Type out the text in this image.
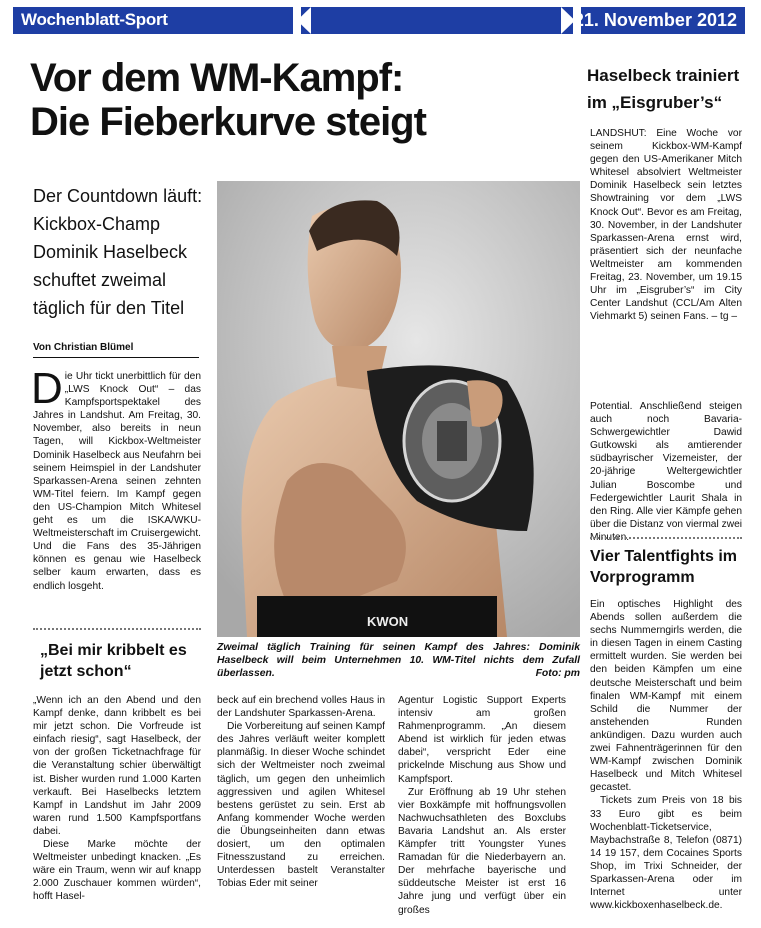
Wochenblatt-Sport	21. November 2012
Vor dem WM-Kampf:
Die Fieberkurve steigt
Der Countdown läuft: Kickbox-Champ Dominik Haselbeck schuftet zweimal täglich für den Titel
Von Christian Blümel

Die Uhr tickt unerbittlich für den „LWS Knock Out“ – das Kampfsportspektakel des Jahres in Landshut. Am Freitag, 30. November, also bereits in neun Tagen, will Kickbox-Weltmeister Dominik Haselbeck aus Neufahrn bei seinem Heimspiel in der Landshuter Sparkassen-Arena seinen zehnten WM-Titel feiern. Im Kampf gegen den US-Champion Mitch Whitesel geht es um die ISKA/WKU-Weltmeisterschaft im Cruisergewicht. Und die Fans des 35-Jährigen können es genau wie Haselbeck selber kaum erwarten, dass es endlich losgeht.

„Bei mir kribbelt es jetzt schon“

„Wenn ich an den Abend und den Kampf denke, dann kribbelt es bei mir jetzt schon. Die Vorfreude ist einfach riesig“, sagt Haselbeck, der von der großen Ticketnachfrage für die Veranstaltung schier überwältigt ist. Bisher wurden rund 1.000 Karten verkauft. Bei Haselbecks letztem Kampf in Landshut im Jahr 2009 waren rund 1.500 Kampfsportfans dabei.

Diese Marke möchte der Weltmeister unbedingt knacken. „Es wäre ein Traum, wenn wir auf knapp 2.000 Zuschauer kommen würden“, hofft Hasel-

KWON
Zweimal täglich Training für seinen Kampf des Jahres: Dominik Haselbeck will beim Unternehmen 10. WM-Titel nichts dem Zufall überlassen.	Foto: pm

beck auf ein brechend volles Haus in der Landshuter Sparkassen-Arena.

Die Vorbereitung auf seinen Kampf des Jahres verläuft weiter komplett planmäßig. In dieser Woche schindet sich der Weltmeister noch zweimal täglich, um gegen den unheimlich aggressiven und agilen Whitesel bestens gerüstet zu sein. Erst ab Anfang kommender Woche werden die Übungseinheiten dann etwas dosiert, um den optimalen Fitnesszustand zu erreichen. Unterdessen bastelt Veranstalter Tobias Eder mit seiner

Agentur Logistic Support Experts intensiv am großen Rahmenprogramm. „An diesem Abend ist wirklich für jeden etwas dabei“, verspricht Eder eine prickelnde Mischung aus Show und Kampfsport.

Zur Eröffnung ab 19 Uhr stehen vier Boxkämpfe mit hoffnungsvollen Nachwuchsathleten des Boxclubs Bavaria Landshut an. Als erster Kämpfer tritt Youngster Yunes Ramadan für die Niederbayern an. Der mehrfache bayerische und süddeutsche Meister ist erst 16 Jahre jung und verfügt über ein großes

Haselbeck trainiert
im „Eisgruber’s“
LANDSHUT: Eine Woche vor seinem Kickbox-WM-Kampf gegen den US-Amerikaner Mitch Whitesel absolviert Weltmeister Dominik Haselbeck sein letztes Showtraining vor dem „LWS Knock Out“. Bevor es am Freitag, 30. November, in der Landshuter Sparkassen-Arena ernst wird, präsentiert sich der neunfache Weltmeister am kommenden Freitag, 23. November, um 19.15 Uhr im „Eisgruber’s“ im City Center Landshut (CCL/Am Alten Viehmarkt 5) seinen Fans. – tg –

Potential. Anschließend steigen auch noch Bavaria-Schwergewichtler Dawid Gutkowski als amtierender südbayrischer Vizemeister, der 20-jährige Weltergewichtler Julian Boscombe und Federgewichtler Laurit Shala in den Ring. Alle vier Kämpfe gehen über die Distanz von viermal zwei Minuten.

Vier Talentfights im Vorprogramm

Ein optisches Highlight des Abends sollen außerdem die sechs Nummerngirls werden, die in diesen Tagen in einem Casting ermittelt wurden. Sie werden bei den beiden Kämpfen um eine deutsche Meisterschaft und beim finalen WM-Kampf mit einem Schild die Nummer der anstehenden Runden ankündigen. Dazu wurden auch zwei Fahnenträgerinnen für den WM-Kampf zwischen Dominik Haselbeck und Mitch Whitesel gecastet.

Tickets zum Preis von 18 bis 33 Euro gibt es beim Wochenblatt-Ticketservice, Maybachstraße 8, Telefon (0871) 14 19 157, dem Cocaines Sports Shop, im Trixi Schneider, der Sparkassen-Arena oder im Internet unter www.kickboxenhaselbeck.de.
